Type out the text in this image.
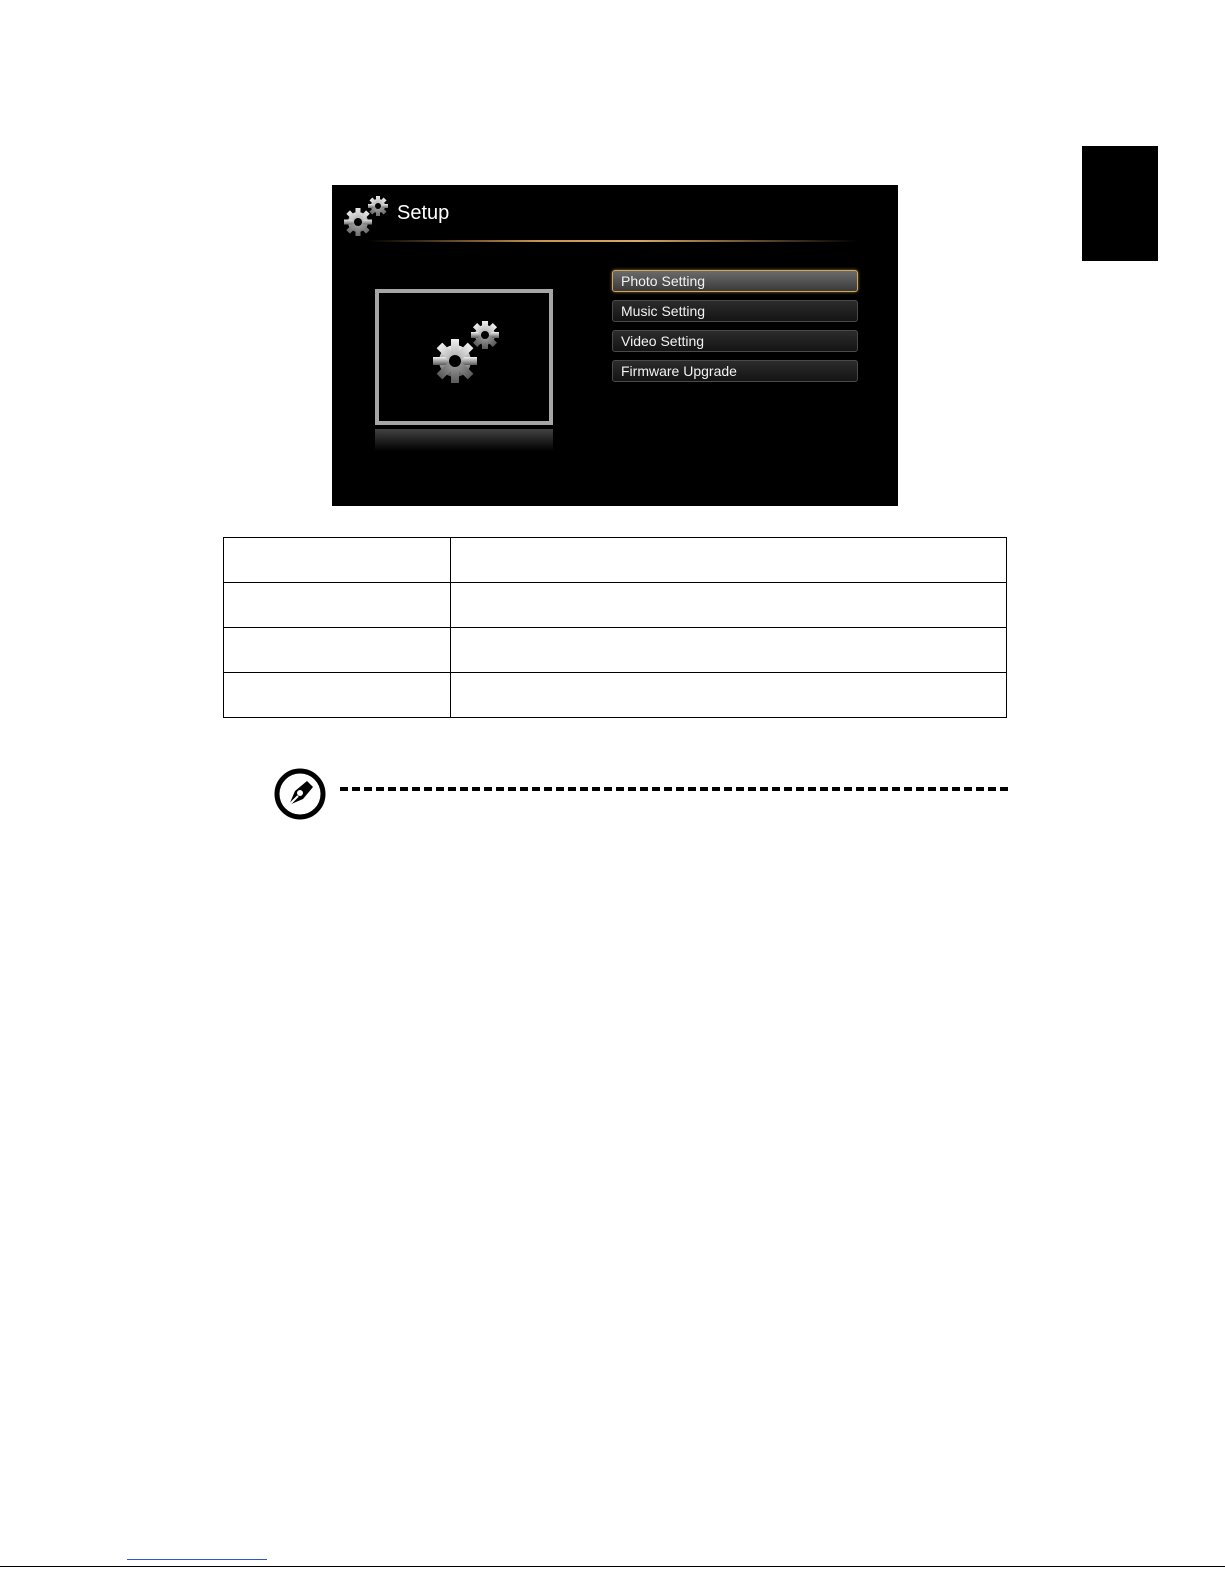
Setup
Photo Setting
Music Setting
Video Setting
Firmware Upgrade
